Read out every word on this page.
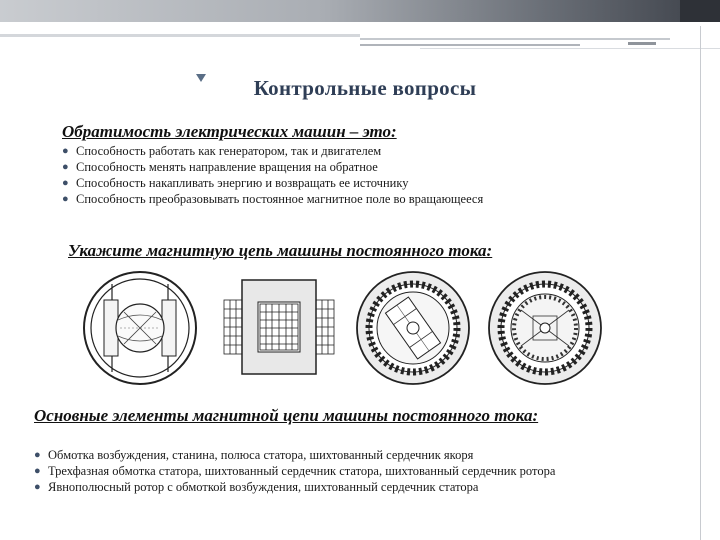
Контрольные вопросы
Обратимость электрических машин – это:
● Способность работать как генератором, так и двигателем
● Способность менять направление вращения на обратное
● Способность накапливать энергию и возвращать ее источнику
● Способность преобразовывать постоянное магнитное поле во вращающееся
Укажите магнитную цепь машины постоянного тока:
Основные элементы магнитной цепи машины постоянного тока:
● Обмотка возбуждения, станина, полюса статора, шихтованный сердечник якоря
● Трехфазная обмотка статора, шихтованный сердечник статора, шихтованный сердечник ротора
● Явнополюсный ротор с обмоткой возбуждения, шихтованный сердечник статора
